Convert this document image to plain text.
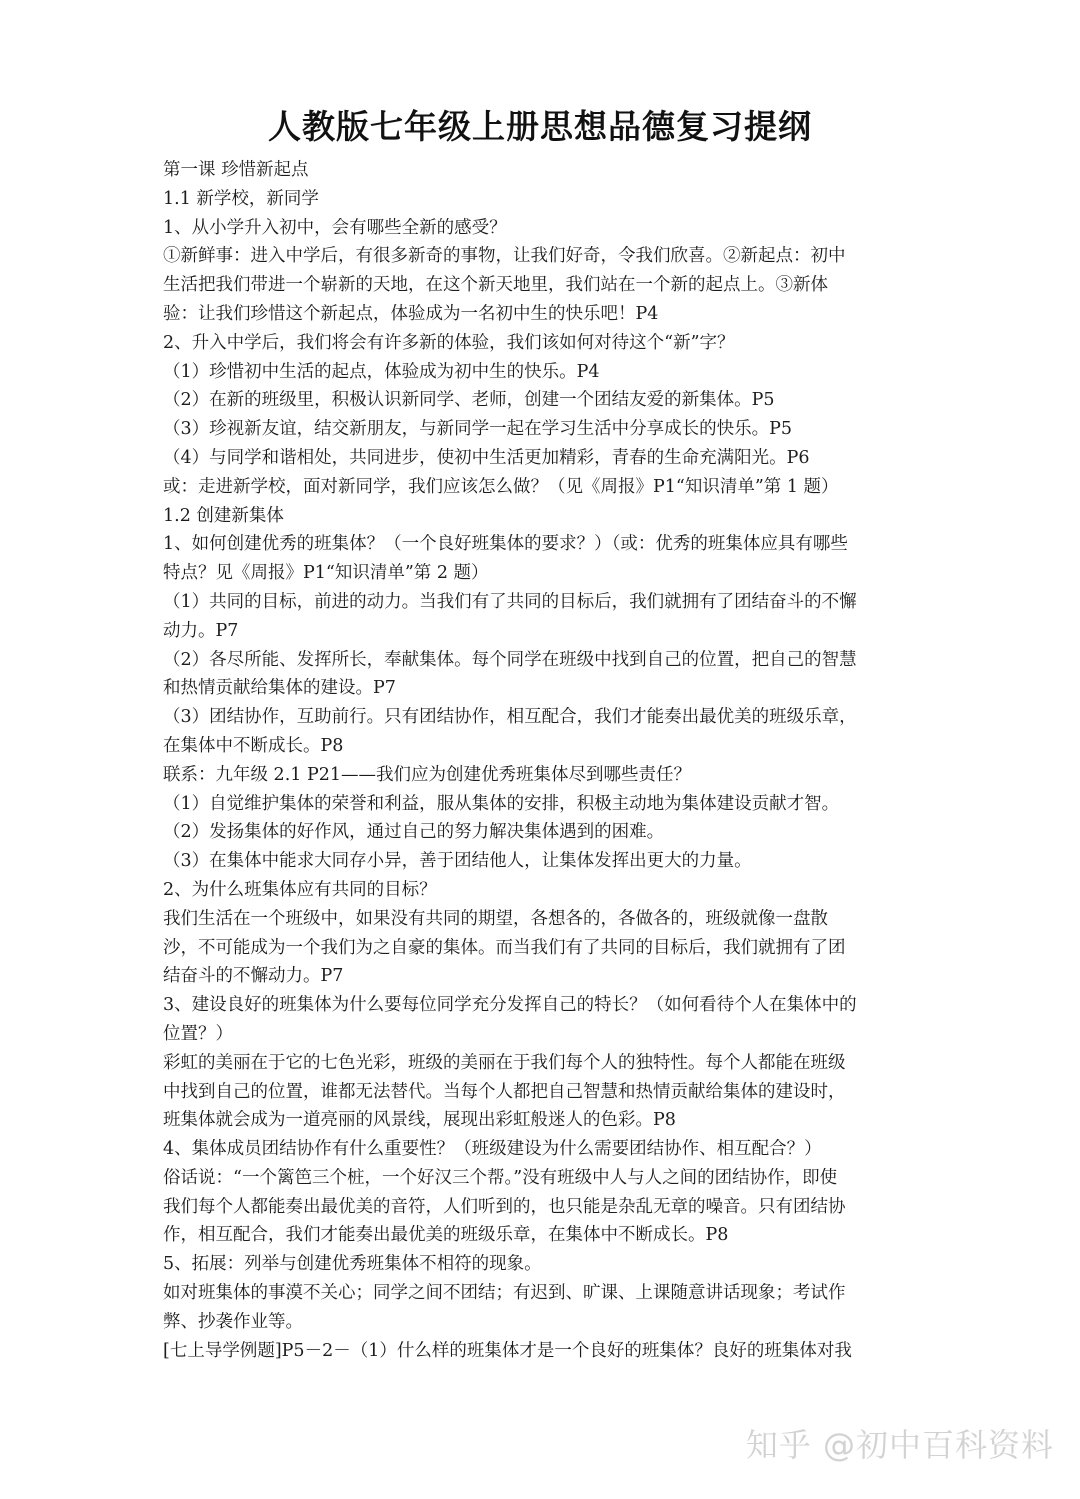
人教版七年级上册思想品德复习提纲
第一课 珍惜新起点
1.1 新学校，新同学
1、从小学升入初中，会有哪些全新的感受？
①新鲜事：进入中学后，有很多新奇的事物，让我们好奇，令我们欣喜。②新起点：初中
生活把我们带进一个崭新的天地，在这个新天地里，我们站在一个新的起点上。③新体
验：让我们珍惜这个新起点，体验成为一名初中生的快乐吧！P4
2、升入中学后，我们将会有许多新的体验，我们该如何对待这个“新”字？
（1）珍惜初中生活的起点，体验成为初中生的快乐。P4
（2）在新的班级里，积极认识新同学、老师，创建一个团结友爱的新集体。P5
（3）珍视新友谊，结交新朋友，与新同学一起在学习生活中分享成长的快乐。P5
（4）与同学和谐相处，共同进步，使初中生活更加精彩，青春的生命充满阳光。P6
或：走进新学校，面对新同学，我们应该怎么做？（见《周报》P1“知识清单”第 1 题）
1.2 创建新集体
1、如何创建优秀的班集体？（一个良好班集体的要求？）（或：优秀的班集体应具有哪些
特点？见《周报》P1“知识清单”第 2 题）
（1）共同的目标，前进的动力。当我们有了共同的目标后，我们就拥有了团结奋斗的不懈
动力。P7
（2）各尽所能、发挥所长，奉献集体。每个同学在班级中找到自己的位置，把自己的智慧
和热情贡献给集体的建设。P7
（3）团结协作，互助前行。只有团结协作，相互配合，我们才能奏出最优美的班级乐章，
在集体中不断成长。P8
联系：九年级 2.1 P21——我们应为创建优秀班集体尽到哪些责任？
（1）自觉维护集体的荣誉和利益，服从集体的安排，积极主动地为集体建设贡献才智。
（2）发扬集体的好作风，通过自己的努力解决集体遇到的困难。
（3）在集体中能求大同存小异，善于团结他人，让集体发挥出更大的力量。
2、为什么班集体应有共同的目标？
我们生活在一个班级中，如果没有共同的期望，各想各的，各做各的，班级就像一盘散
沙，不可能成为一个我们为之自豪的集体。而当我们有了共同的目标后，我们就拥有了团
结奋斗的不懈动力。P7
3、建设良好的班集体为什么要每位同学充分发挥自己的特长？（如何看待个人在集体中的
位置？）
彩虹的美丽在于它的七色光彩，班级的美丽在于我们每个人的独特性。每个人都能在班级
中找到自己的位置，谁都无法替代。当每个人都把自己智慧和热情贡献给集体的建设时，
班集体就会成为一道亮丽的风景线，展现出彩虹般迷人的色彩。P8
4、集体成员团结协作有什么重要性？（班级建设为什么需要团结协作、相互配合？）
俗话说：“一个篱笆三个桩，一个好汉三个帮。”没有班级中人与人之间的团结协作，即使
我们每个人都能奏出最优美的音符，人们听到的，也只能是杂乱无章的噪音。只有团结协
作，相互配合，我们才能奏出最优美的班级乐章，在集体中不断成长。P8
5、拓展：列举与创建优秀班集体不相符的现象。
如对班集体的事漠不关心；同学之间不团结；有迟到、旷课、上课随意讲话现象；考试作
弊、抄袭作业等。
[七上导学例题]P5－2－（1）什么样的班集体才是一个良好的班集体？良好的班集体对我
知乎 @初中百科资料
